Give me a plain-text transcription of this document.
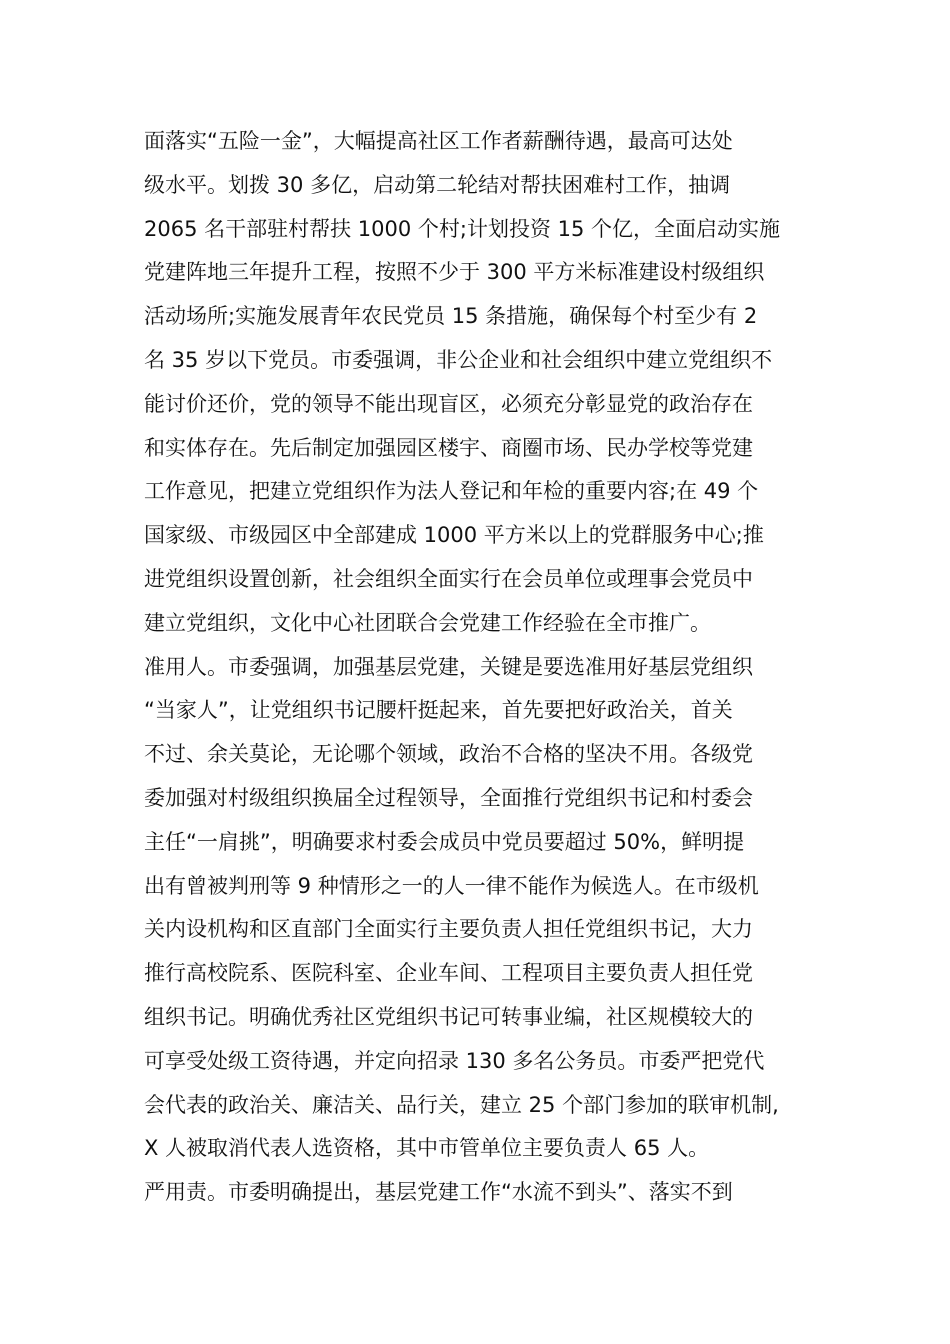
面落实“五险一金”，大幅提高社区工作者薪酬待遇，最高可达处
级水平。划拨 30 多亿，启动第二轮结对帮扶困难村工作，抽调
2065 名干部驻村帮扶 1000 个村;计划投资 15 个亿，全面启动实施
党建阵地三年提升工程，按照不少于 300 平方米标准建设村级组织
活动场所;实施发展青年农民党员 15 条措施，确保每个村至少有 2
名 35 岁以下党员。市委强调，非公企业和社会组织中建立党组织不
能讨价还价，党的领导不能出现盲区，必须充分彰显党的政治存在
和实体存在。先后制定加强园区楼宇、商圈市场、民办学校等党建
工作意见，把建立党组织作为法人登记和年检的重要内容;在 49 个
国家级、市级园区中全部建成 1000 平方米以上的党群服务中心;推
进党组织设置创新，社会组织全面实行在会员单位或理事会党员中
建立党组织，文化中心社团联合会党建工作经验在全市推广。
准用人。市委强调，加强基层党建，关键是要选准用好基层党组织
“当家人”，让党组织书记腰杆挺起来，首先要把好政治关，首关
不过、余关莫论，无论哪个领域，政治不合格的坚决不用。各级党
委加强对村级组织换届全过程领导，全面推行党组织书记和村委会
主任“一肩挑”，明确要求村委会成员中党员要超过 50%，鲜明提
出有曾被判刑等 9 种情形之一的人一律不能作为候选人。在市级机
关内设机构和区直部门全面实行主要负责人担任党组织书记，大力
推行高校院系、医院科室、企业车间、工程项目主要负责人担任党
组织书记。明确优秀社区党组织书记可转事业编，社区规模较大的
可享受处级工资待遇，并定向招录 130 多名公务员。市委严把党代
会代表的政治关、廉洁关、品行关，建立 25 个部门参加的联审机制,
X 人被取消代表人选资格，其中市管单位主要负责人 65 人。
严用责。市委明确提出，基层党建工作“水流不到头”、落实不到
